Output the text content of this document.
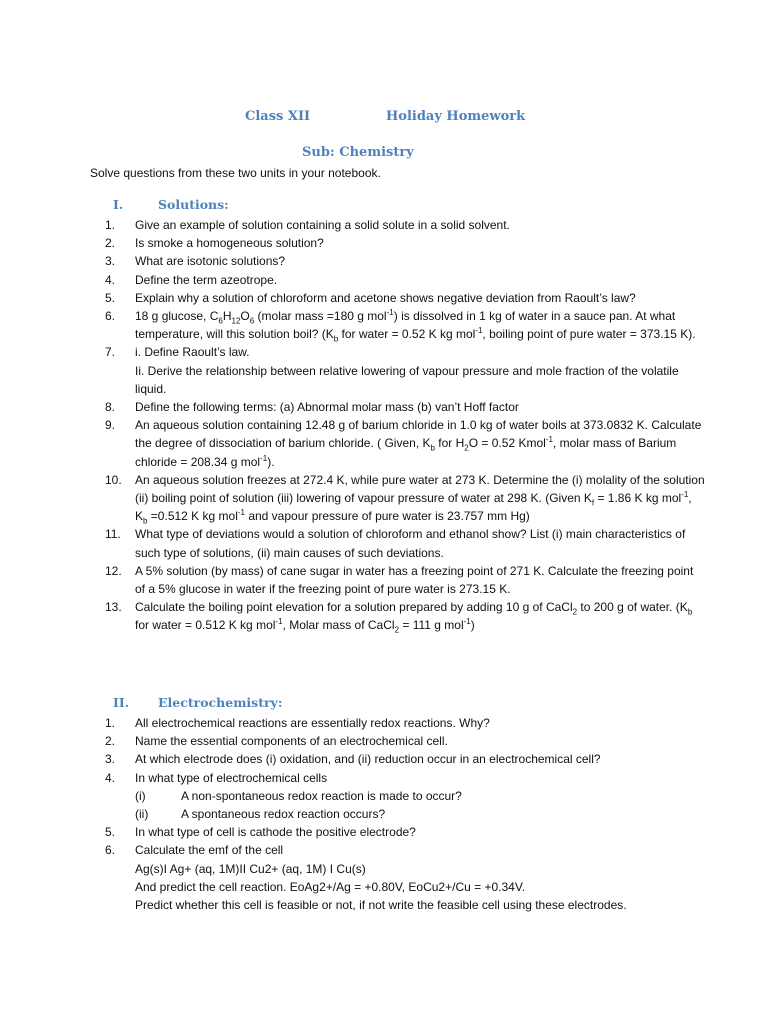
Class XII	Holiday Homework
Sub: Chemistry
Solve questions from these two units in your notebook.
I.	Solutions:
1.	Give an example of solution containing a solid solute in a solid solvent.
2.	Is smoke a homogeneous solution?
3.	What are isotonic solutions?
4.	Define the term azeotrope.
5.	Explain why a solution of chloroform and acetone shows negative deviation from Raoult’s law?
6.	18 g glucose, $C_6H_{12}O_6$ (molar mass =180 g mol$^{-1}$) is dissolved in 1 kg of water in a sauce pan. At what temperature, will this solution boil? ($K_b$ for water = 0.52 K kg mol$^{-1}$, boiling point of pure water = 373.15 K).
7.	i. Define Raoult’s law.
Ii. Derive the relationship between relative lowering of vapour pressure and mole fraction of the volatile liquid.
8.	Define the following terms: (a) Abnormal molar mass (b) van’t Hoff factor
9.	An aqueous solution containing 12.48 g of barium chloride in 1.0 kg of water boils at 373.0832 K. Calculate the degree of dissociation of barium chloride. ( Given, $K_b$ for $H_2O = 0.52$ Kmol$^{-1}$, molar mass of Barium chloride = 208.34 g mol$^{-1}$).
10.	An aqueous solution freezes at 272.4 K, while pure water at 273 K. Determine the (i) molality of the solution (ii) boiling point of solution (iii) lowering of vapour pressure of water at 298 K. (Given $K_f = 1.86$ K kg mol$^{-1}$, $K_b =0.512$ K kg mol$^{-1}$ and vapour pressure of pure water is 23.757 mm Hg)
11.	What type of deviations would a solution of chloroform and ethanol show? List (i) main characteristics of such type of solutions, (ii) main causes of such deviations.
12.	A 5% solution (by mass) of cane sugar in water has a freezing point of 271 K. Calculate the freezing point of a 5% glucose in water if the freezing point of pure water is 273.15 K.
13.	Calculate the boiling point elevation for a solution prepared by adding 10 g of CaCl$_2$ to 200 g of water. ($K_b$ for water = 0.512 K kg mol$^{-1}$, Molar mass of CaCl$_2$ = 111 g mol$^{-1}$)
II. Electrochemistry:
1.	All electrochemical reactions are essentially redox reactions. Why?
2.	Name the essential components of an electrochemical cell.
3.	At which electrode does (i) oxidation, and (ii) reduction occur in an electrochemical cell?
4.	In what type of electrochemical cells
(i)	A non-spontaneous redox reaction is made to occur?
(ii)	A spontaneous redox reaction occurs?
5.	In what type of cell is cathode the positive electrode?
6.	Calculate the emf of the cell
Ag(s)I Ag+ (aq, 1M)II Cu2+ (aq, 1M) I Cu(s)
And predict the cell reaction. EoAg2+/Ag = +0.80V, EoCu2+/Cu = +0.34V.
Predict whether this cell is feasible or not, if not write the feasible cell using these electrodes.
